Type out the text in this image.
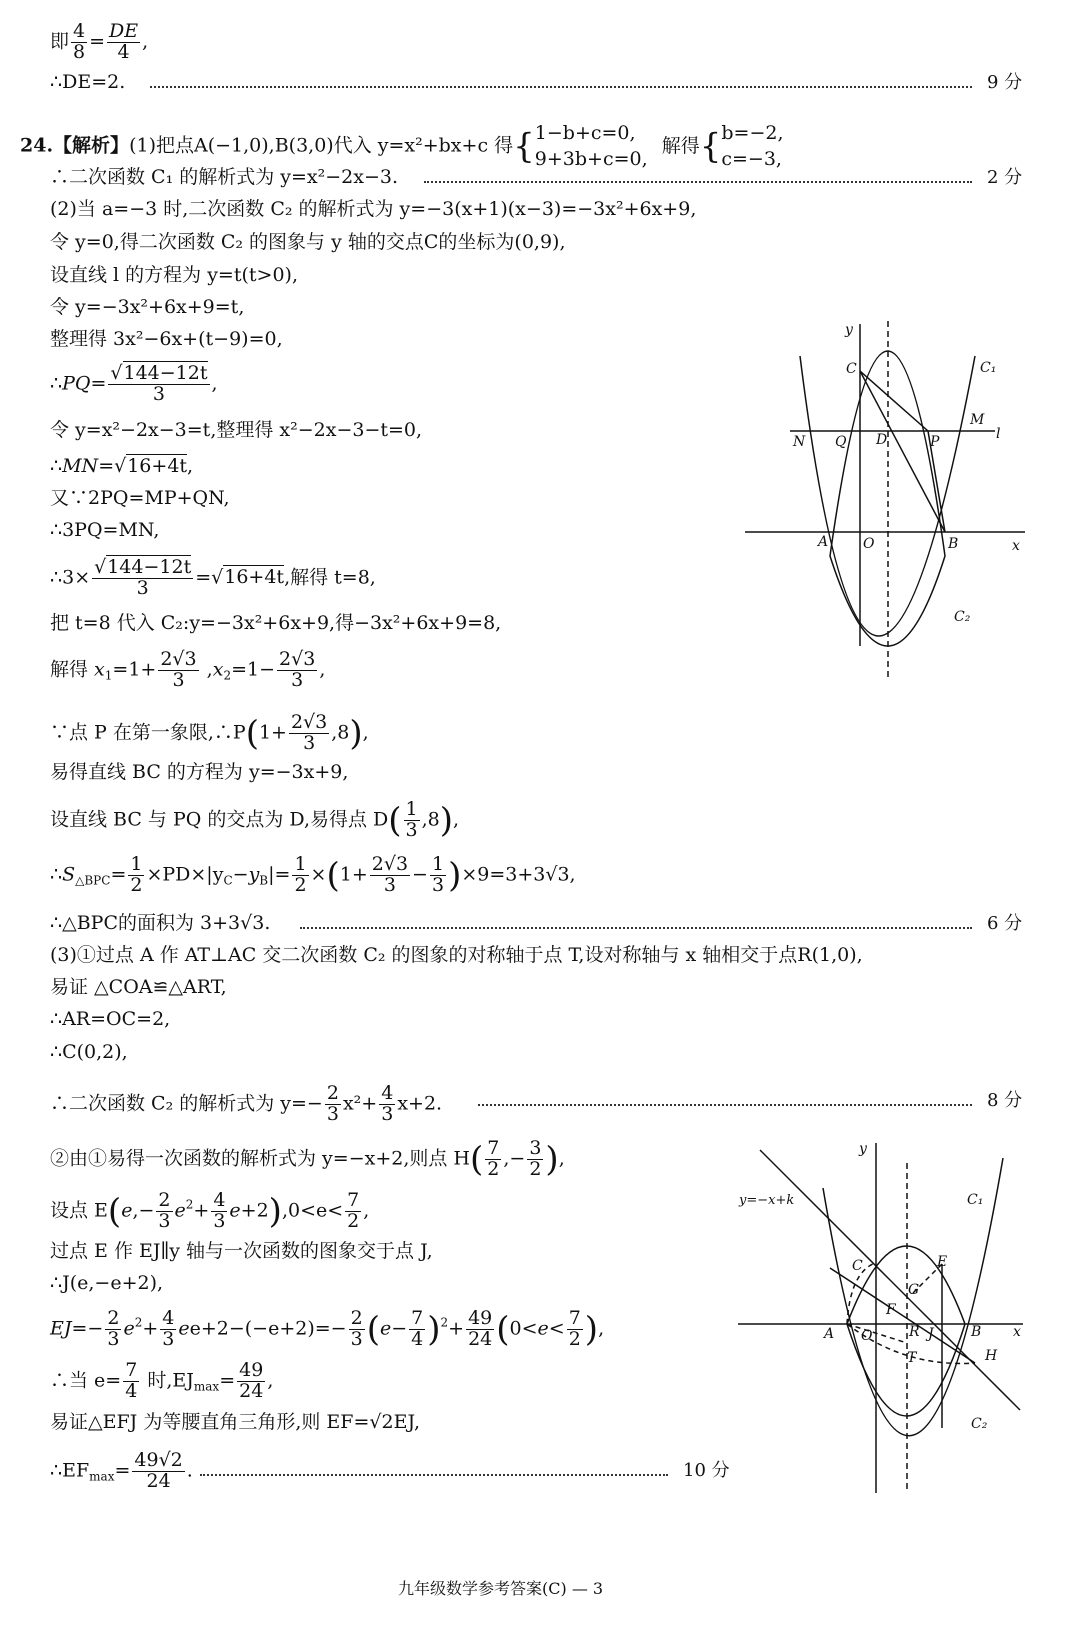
即 $\frac{4}{8} = \frac{DE}{4}$ ,
∴DE=2.	9 分
24.【解析】(1)把点A(−1,0),B(3,0)代入 y=x²+bx+c 得{ 1−b+c=0,
9+3b+c=0,
解得{ b=−2,
c=−3,
∴二次函数 C₁ 的解析式为 y=x²−2x−3.	2 分
(2)当 a=−3 时,二次函数 C₂ 的解析式为 y=−3(x+1)(x−3)=−3x²+6x+9,
令 y=0,得二次函数 C₂ 的图象与 y 轴的交点C的坐标为(0,9),
设直线 l 的方程为 y=t(t>0),
令 y=−3x²+6x+9=t,
整理得 3x²−6x+(t−9)=0,
∴PQ= $\frac{√144-12t}{3}$ ,
令 y=x²−2x−3=t,整理得 x²−2x−3−t=0,
∴MN=√16+4t,
又∵2PQ=MP+QN,
∴3PQ=MN,
∴3× $\frac{√144-12t}{3} =√16+4t$,解得 t=8,
把 t=8 代入 C₂:y=−3x²+6x+9,得−3x²+6x+9=8,
解得 $x_1=1+ \frac{2√3}{3} ,x_2=1- \frac{2√3}{3}$ ,
∵点 P 在第一象限,∴P(1+ $\frac{2√3}{3} ,8$),
易得直线 BC 的方程为 y=−3x+9,
设直线 BC 与 PQ 的交点为 D,易得点 $D( \frac{1}{3} ,8)$,
$\therefore S_{\triangle BPC}= \frac{1}{2} \times PD\times|y_C-y_B|= \frac{1}{2} \times(1+ \frac{2√3}{3} - \frac{1}{3} )\times 9=3+3√3$,
∴△BPC的面积为 3+3√3.	6 分
(3)①过点 A 作 AT⊥AC 交二次函数 C₂ 的图象的对称轴于点 T,设对称轴与 x 轴相交于点R(1,0),
易证 △COA≌△ART,
∴AR=OC=2,
∴C(0,2),
∴二次函数 C₂ 的解析式为 $y=- \frac{2}{3} x^2+ \frac{4}{3} x+2$.	8 分
②由①易得一次函数的解析式为 y=−x+2,则点 $H( \frac{7}{2}$ ,− $\frac{3}{2}$ ),
设点 $E(e,- \frac{2}{3} e^2+ \frac{4}{3} e+2),0<e< \frac{7}{2}$ ,
过点 E 作 EJ∥y 轴与一次函数的图象交于点 J,
∴J(e,−e+2),
$EJ=- \frac{2}{3} e^2+ \frac{4}{3} ee+2-(-e+2)=- \frac{2}{3} (e- \frac{7}{4} )^2+ \frac{49}{24} (0<e< \frac{7}{2}$ ),
∴当 $e= \frac{7}{4}$ 时$,EJ_{max}= \frac{49}{24}$ ,
易证△EFJ 为等腰直角三角形,则 EF=√2EJ,
$\therefore EF_{max}= \frac{49√2}{24}$ .	10 分
y
x
C	C₁
M
l
N Q D	P
A O	B
C₂
y
x
y=−x+k	C₁
C	E
G
F
A O	R J	B
H
T
C₂
九年级数学参考答案(C) — 3
